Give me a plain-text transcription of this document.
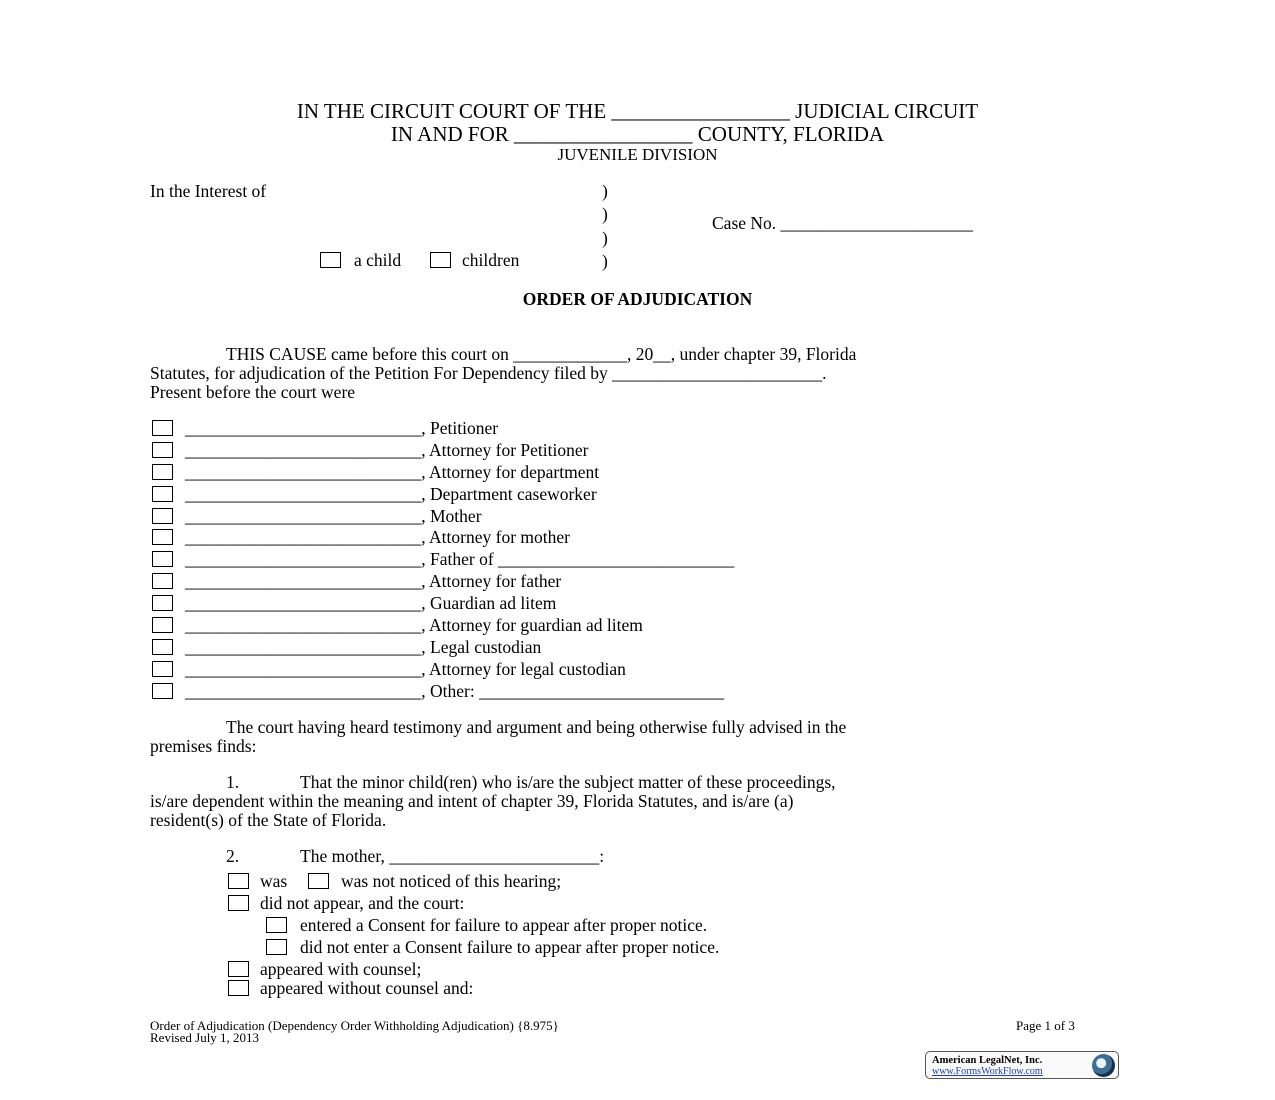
IN THE CIRCUIT COURT OF THE _________________ JUDICIAL CIRCUIT
IN AND FOR _________________ COUNTY, FLORIDA
JUVENILE DIVISION
In the Interest of	)
)
)
)
Case No. ______________________
a child	children
ORDER OF ADJUDICATION
THIS CAUSE came before this court on _____________, 20__, under chapter 39, Florida
Statutes, for adjudication of the Petition For Dependency filed by ________________________.
Present before the court were
___________________________, Petitioner
___________________________, Attorney for Petitioner
___________________________, Attorney for department
___________________________, Department caseworker
___________________________, Mother
___________________________, Attorney for mother
___________________________, Father of ___________________________
___________________________, Attorney for father
___________________________, Guardian ad litem
___________________________, Attorney for guardian ad litem
___________________________, Legal custodian
___________________________, Attorney for legal custodian
___________________________, Other: ____________________________
The court having heard testimony and argument and being otherwise fully advised in the
premises finds:
1.	That the minor child(ren) who is/are the subject matter of these proceedings,
is/are dependent within the meaning and intent of chapter 39, Florida Statutes, and is/are (a)
resident(s) of the State of Florida.
2.	The mother, ________________________:
was	was not noticed of this hearing;
did not appear, and the court:
entered a Consent for failure to appear after proper notice.
did not enter a Consent failure to appear after proper notice.
appeared with counsel;
appeared without counsel and:
Order of Adjudication (Dependency Order Withholding Adjudication) {8.975}
Revised July 1, 2013
Page 1 of 3
American LegalNet, Inc.
www.FormsWorkFlow.com
